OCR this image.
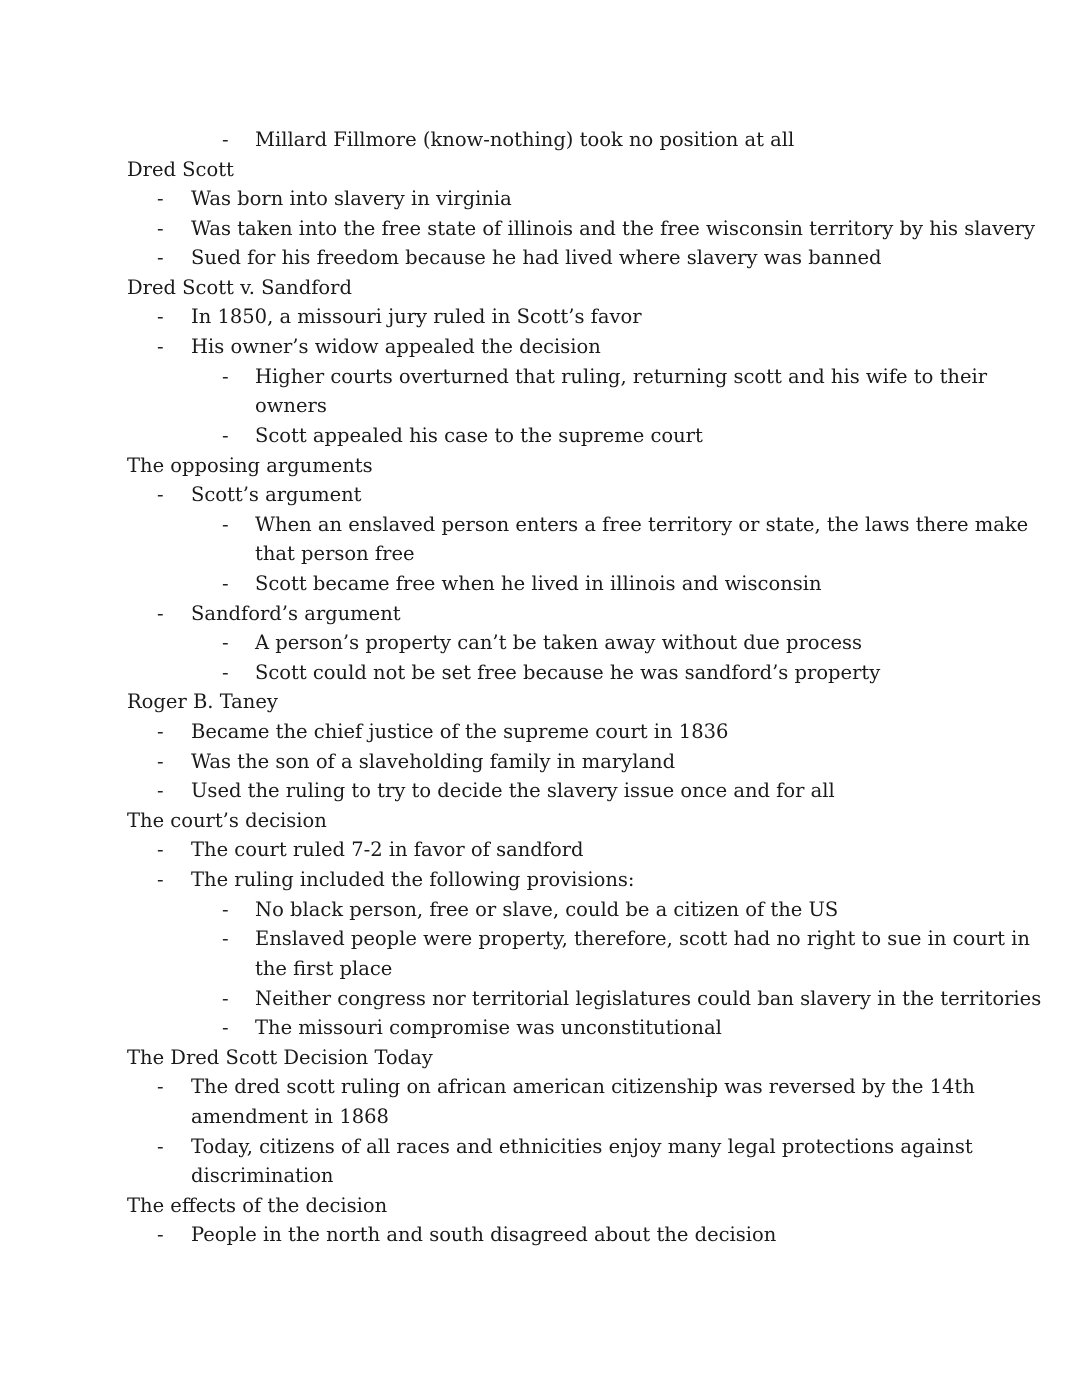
- Millard Fillmore (know-nothing) took no position at all
Dred Scott
- Was born into slavery in virginia
- Was taken into the free state of illinois and the free wisconsin territory by his slavery
- Sued for his freedom because he had lived where slavery was banned
Dred Scott v. Sandford
- In 1850, a missouri jury ruled in Scott’s favor
- His owner’s widow appealed the decision
- Higher courts overturned that ruling, returning scott and his wife to their
owners
- Scott appealed his case to the supreme court
The opposing arguments
- Scott’s argument
- When an enslaved person enters a free territory or state, the laws there make
that person free
- Scott became free when he lived in illinois and wisconsin
- Sandford’s argument
- A person’s property can’t be taken away without due process
- Scott could not be set free because he was sandford’s property
Roger B. Taney
- Became the chief justice of the supreme court in 1836
- Was the son of a slaveholding family in maryland
- Used the ruling to try to decide the slavery issue once and for all
The court’s decision
- The court ruled 7-2 in favor of sandford
- The ruling included the following provisions:
- No black person, free or slave, could be a citizen of the US
- Enslaved people were property, therefore, scott had no right to sue in court in
the first place
- Neither congress nor territorial legislatures could ban slavery in the territories
- The missouri compromise was unconstitutional
The Dred Scott Decision Today
- The dred scott ruling on african american citizenship was reversed by the 14th
amendment in 1868
- Today, citizens of all races and ethnicities enjoy many legal protections against
discrimination
The effects of the decision
- People in the north and south disagreed about the decision
